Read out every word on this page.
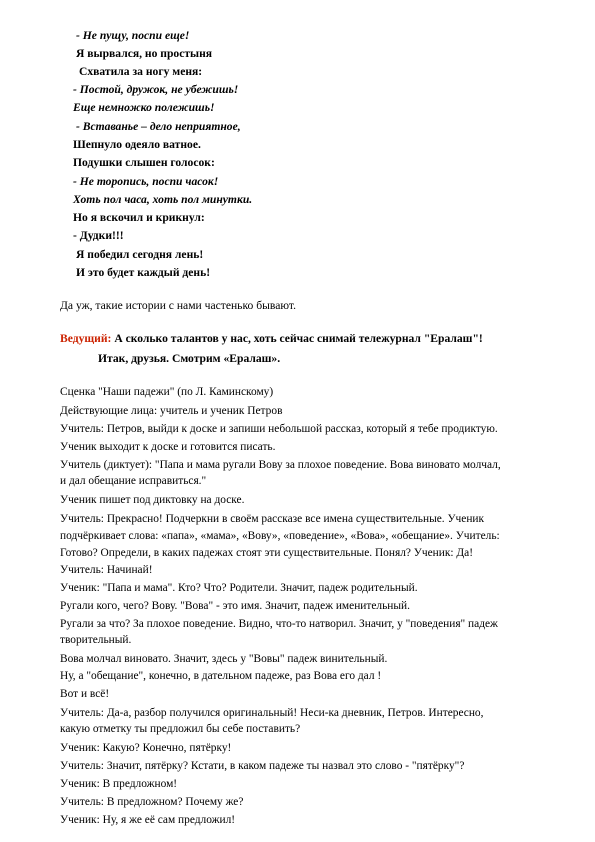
- Не пущу, поспи еще!
Я вырвался, но простыня
Схватила за ногу меня:
- Постой, дружок, не убежишь!
Еще немножко полежишь!
- Вставанье – дело неприятное,
Шепнуло одеяло ватное.
Подушки слышен голосок:
- Не торопись, поспи часок!
Хоть пол часа, хоть пол минутки.
Но я вскочил и крикнул:
- Дудки!!!
Я победил сегодня лень!
И это будет каждый день!
Да уж, такие истории с нами частенько бывают.
Ведущий: А сколько талантов у нас, хоть сейчас снимай тележурнал "Ералаш"!
Итак, друзья. Смотрим «Ералаш».
Сценка "Наши падежи" (по Л. Каминскому)
Действующие лица: учитель и ученик Петров
Учитель: Петров, выйди к доске и запиши небольшой рассказ, который я тебе продиктую.
Ученик выходит к доске и готовится писать.
Учитель (диктует): "Папа и мама ругали Вову за плохое поведение. Вова виновато молчал,
и дал обещание исправиться."
Ученик пишет под диктовку на доске.
Учитель: Прекрасно! Подчеркни в своём рассказе все имена существительные. Ученик
подчёркивает слова: «папа», «мама», «Вову», «поведение», «Вова», «обещание». Учитель:
Готово? Определи, в каких падежах стоят эти существительные. Понял? Ученик: Да!
Учитель: Начинай!
Ученик: "Папа и мама". Кто? Что? Родители. Значит, падеж родительный.
Ругали кого, чего? Вову. "Вова" - это имя. Значит, падеж именительный.
Ругали за что? За плохое поведение. Видно, что-то натворил. Значит, у "поведения" падеж
творительный.
Вова молчал виновато. Значит, здесь у "Вовы" падеж винительный.
Ну, а "обещание", конечно, в дательном падеже, раз Вова его дал !
Вот и всё!
Учитель: Да-а, разбор получился оригинальный! Неси-ка дневник, Петров. Интересно,
какую отметку ты предложил бы себе поставить?
Ученик: Какую? Конечно, пятёрку!
Учитель: Значит, пятёрку? Кстати, в каком падеже ты назвал это слово - "пятёрку"?
Ученик: В предложном!
Учитель: В предложном? Почему же?
Ученик: Ну, я же её сам предложил!
